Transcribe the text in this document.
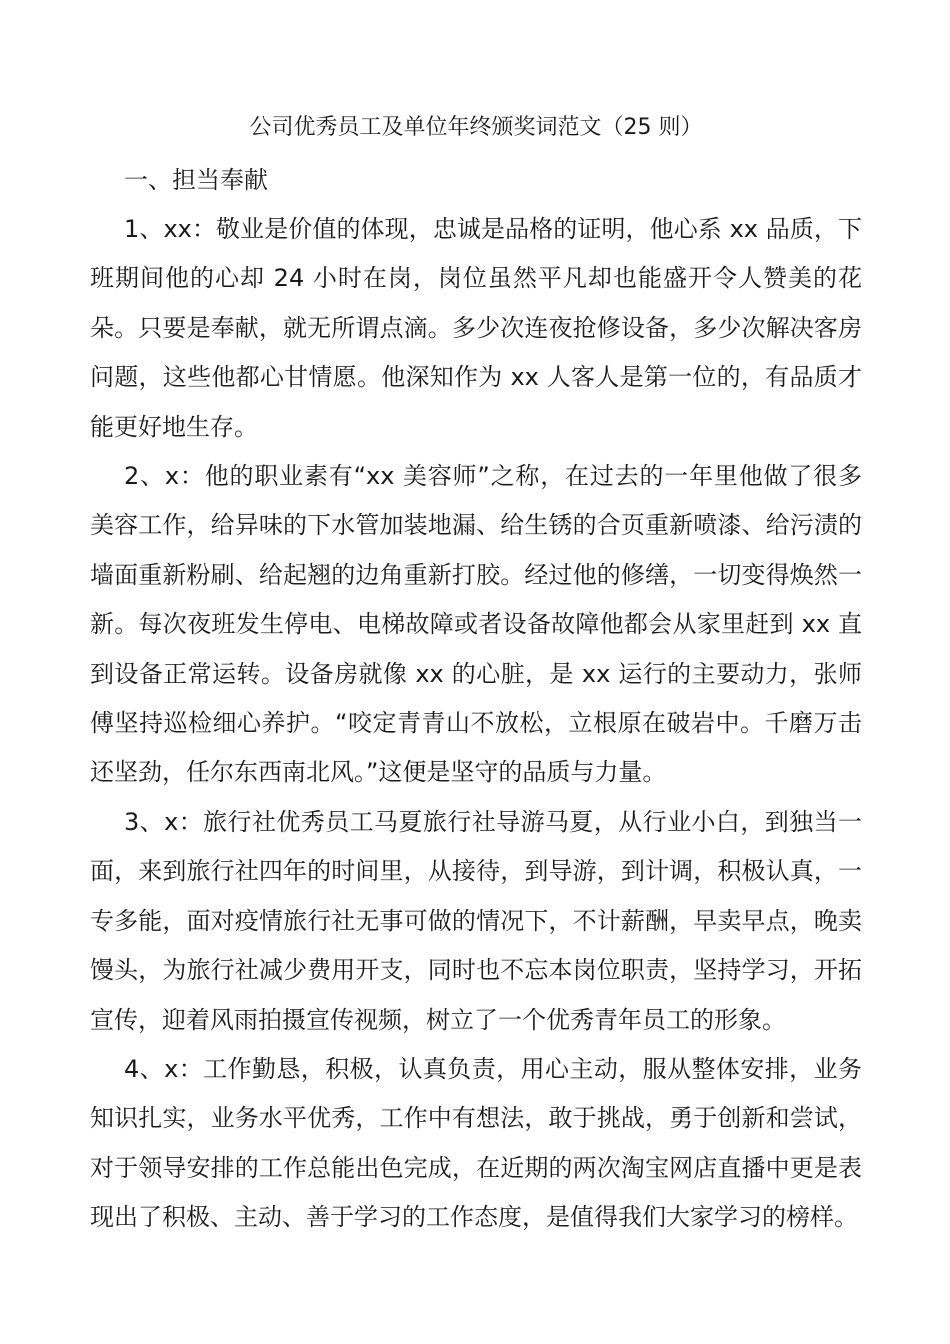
公司优秀员工及单位年终颁奖词范文（25 则）

一、担当奉献

1、xx：敬业是价值的体现，忠诚是品格的证明，他心系 xx 品质，下班期间他的心却 24 小时在岗，岗位虽然平凡却也能盛开令人赞美的花朵。只要是奉献，就无所谓点滴。多少次连夜抢修设备，多少次解决客房问题，这些他都心甘情愿。他深知作为 xx 人客人是第一位的，有品质才能更好地生存。

2、x：他的职业素有“xx 美容师”之称，在过去的一年里他做了很多美容工作，给异味的下水管加装地漏、给生锈的合页重新喷漆、给污渍的墙面重新粉刷、给起翘的边角重新打胶。经过他的修缮，一切变得焕然一新。每次夜班发生停电、电梯故障或者设备故障他都会从家里赶到 xx 直到设备正常运转。设备房就像 xx 的心脏，是 xx 运行的主要动力，张师傅坚持巡检细心养护。“咬定青青山不放松，立根原在破岩中。千磨万击还坚劲，任尔东西南北风。”这便是坚守的品质与力量。

3、x：旅行社优秀员工马夏旅行社导游马夏，从行业小白，到独当一面，来到旅行社四年的时间里，从接待，到导游，到计调，积极认真，一专多能，面对疫情旅行社无事可做的情况下，不计薪酬，早卖早点，晚卖馒头，为旅行社减少费用开支，同时也不忘本岗位职责，坚持学习，开拓宣传，迎着风雨拍摄宣传视频，树立了一个优秀青年员工的形象。

4、x：工作勤恳，积极，认真负责，用心主动，服从整体安排，业务知识扎实，业务水平优秀，工作中有想法，敢于挑战，勇于创新和尝试，对于领导安排的工作总能出色完成，在近期的两次淘宝网店直播中更是表现出了积极、主动、善于学习的工作态度，是值得我们大家学习的榜样。
